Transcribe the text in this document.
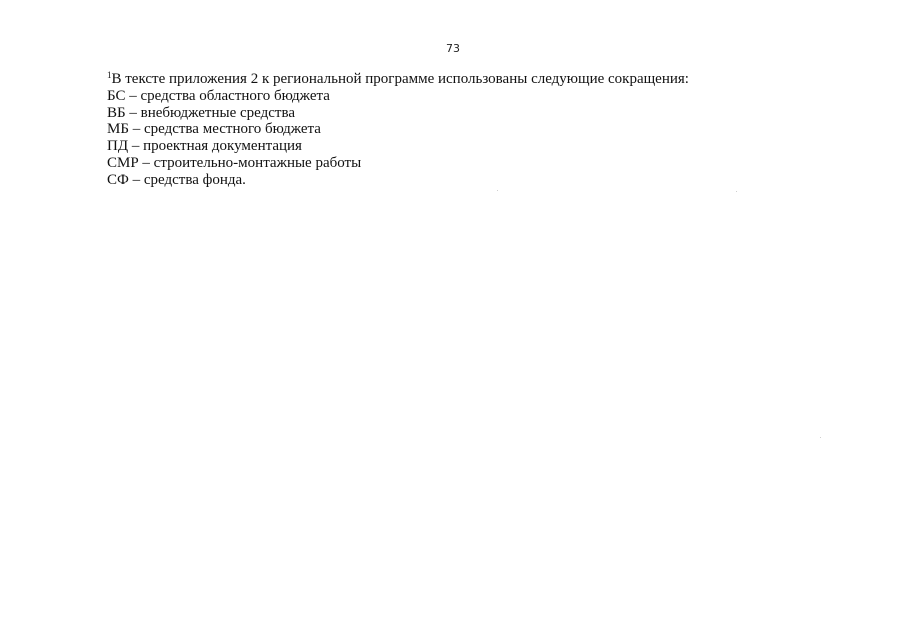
73

$^1$В тексте приложения 2 к региональной программе использованы следующие сокращения:

БС – средства областного бюджета

ВБ – внебюджетные средства

МБ – средства местного бюджета

ПД – проектная документация

СМР – строительно-монтажные работы

СФ – средства фонда.
